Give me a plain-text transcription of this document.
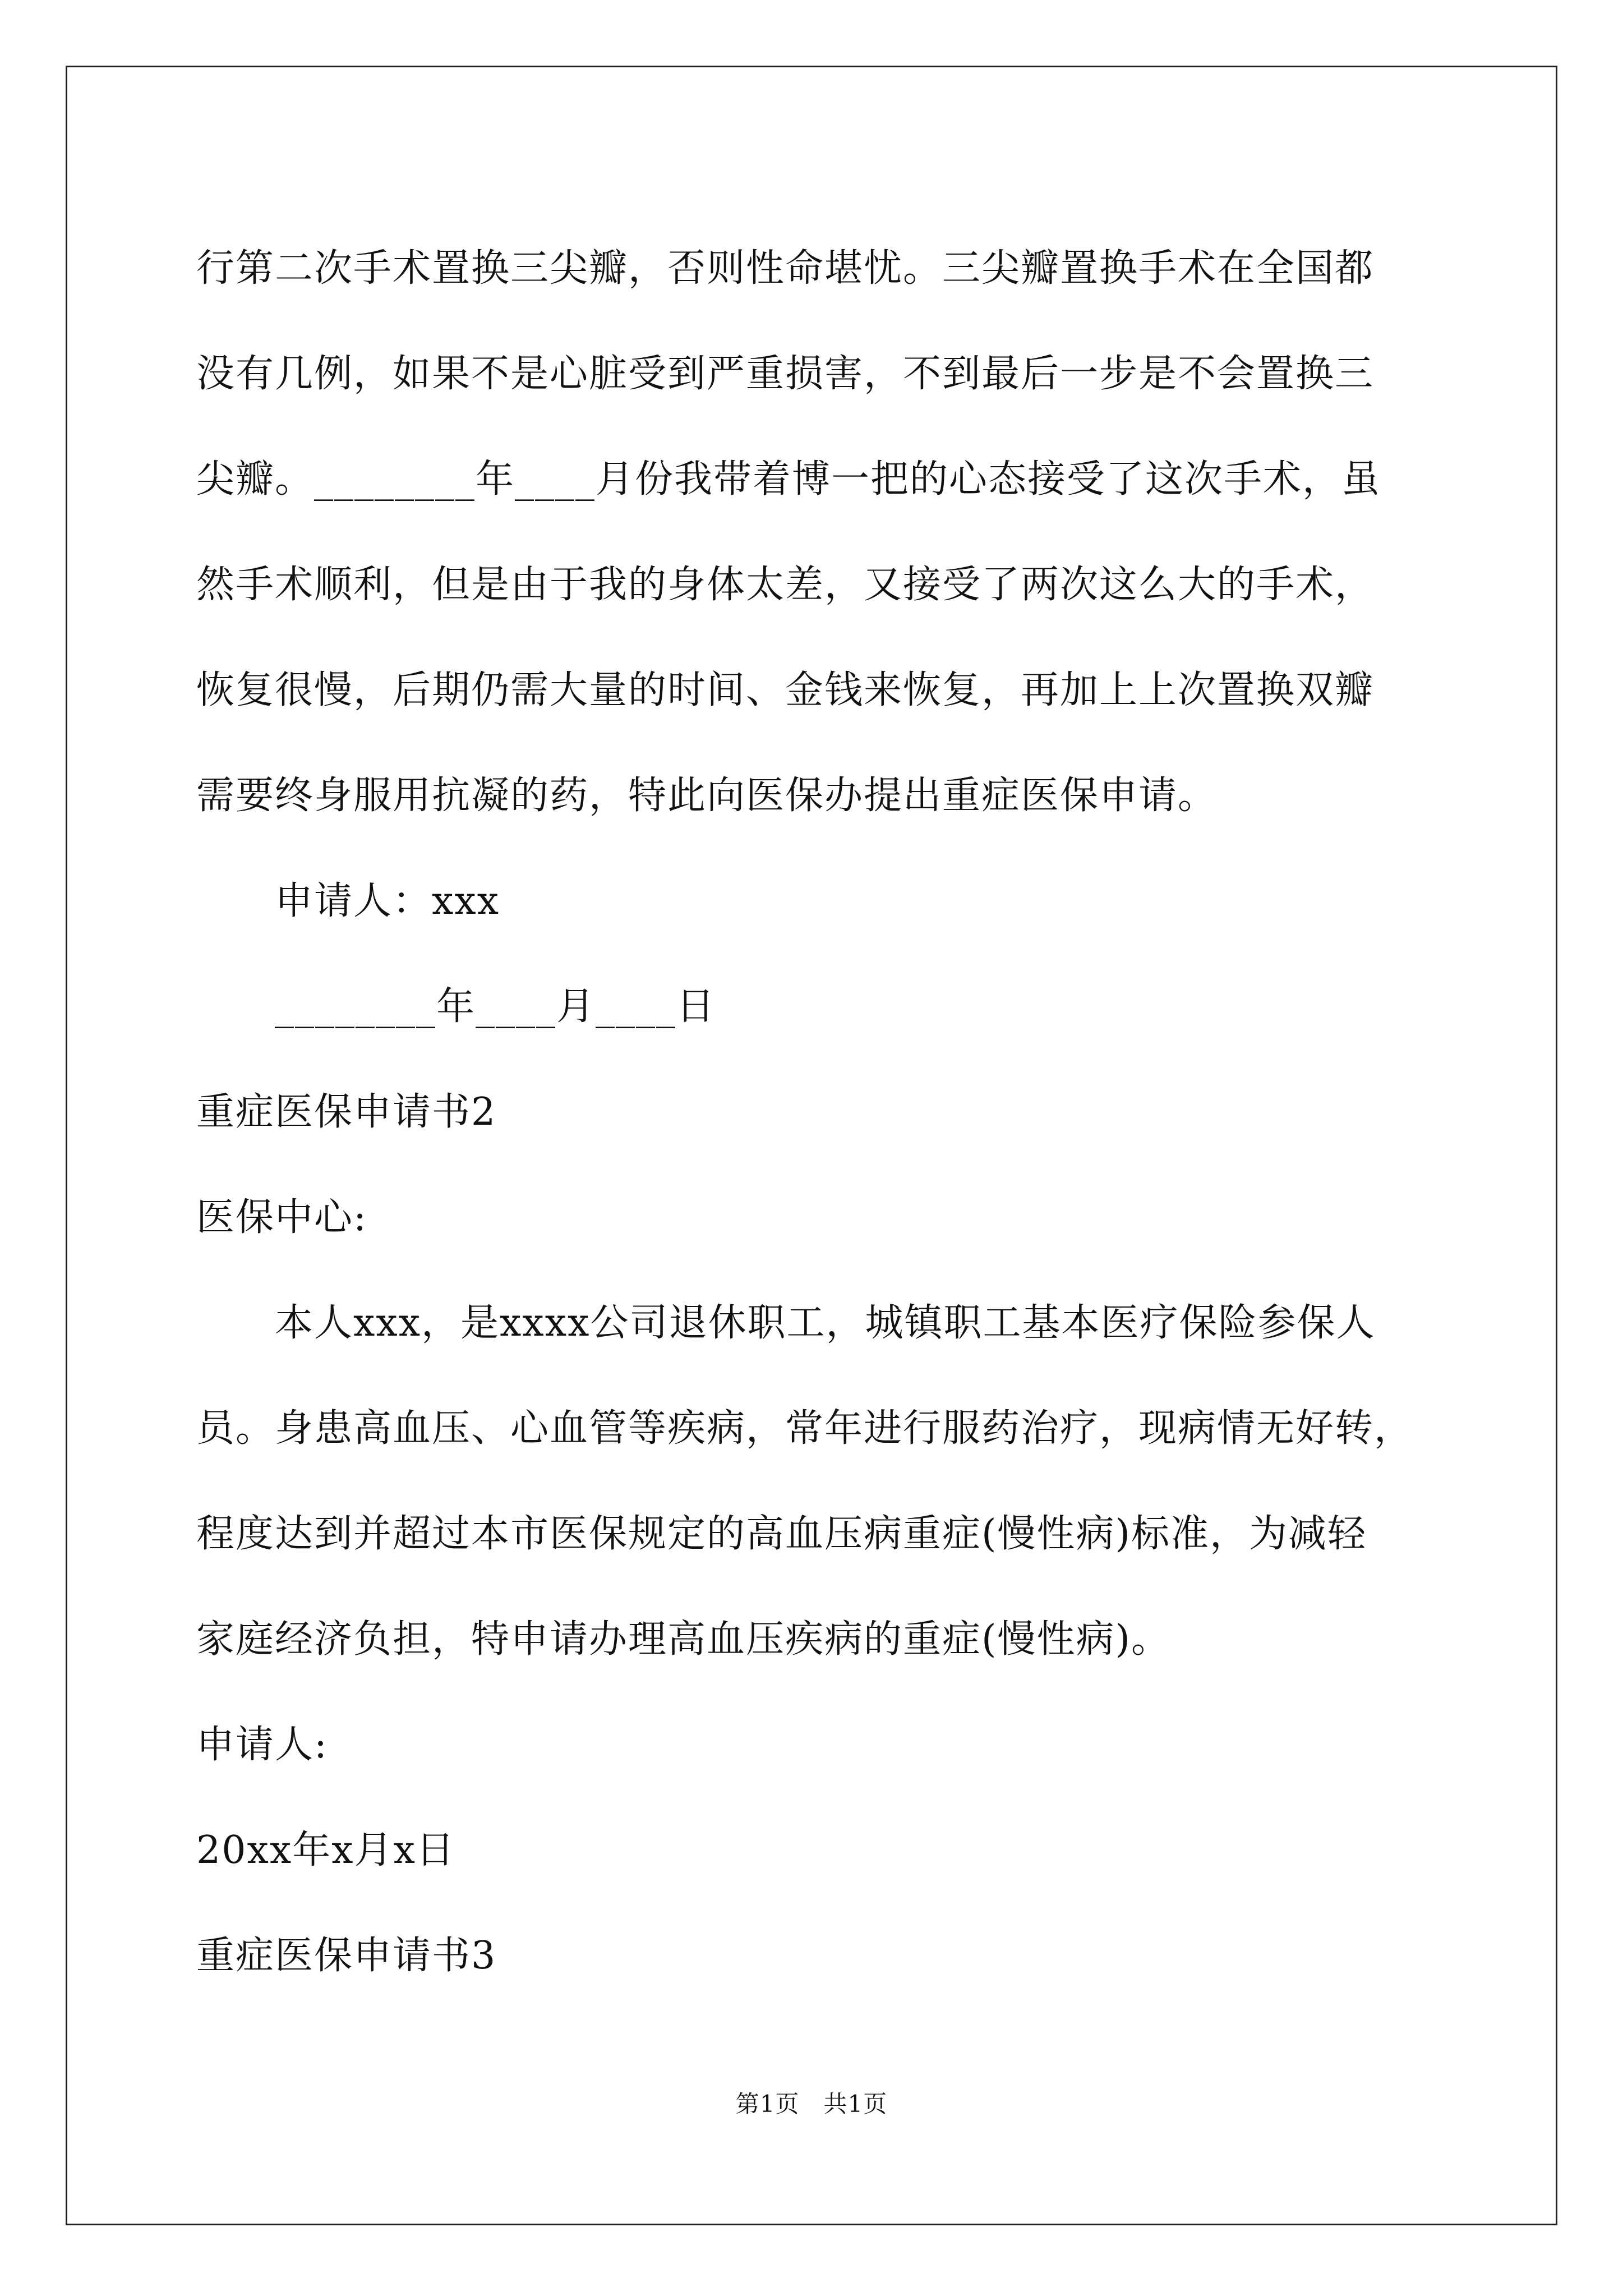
行第二次手术置换三尖瓣，否则性命堪忧。三尖瓣置换手术在全国都

没有几例，如果不是心脏受到严重损害，不到最后一步是不会置换三

尖瓣。________年____月份我带着博一把的心态接受了这次手术，虽

然手术顺利，但是由于我的身体太差，又接受了两次这么大的手术，

恢复很慢，后期仍需大量的时间、金钱来恢复，再加上上次置换双瓣

需要终身服用抗凝的药，特此向医保办提出重症医保申请。

申请人：xxx

________年____月____日

重症医保申请书2

医保中心:

本人xxx，是xxxx公司退休职工，城镇职工基本医疗保险参保人

员。身患高血压、心血管等疾病，常年进行服药治疗，现病情无好转，

程度达到并超过本市医保规定的高血压病重症(慢性病)标准，为减轻

家庭经济负担，特申请办理高血压疾病的重症(慢性病)。

申请人:

20xx年x月x日

重症医保申请书3

第1页　共1页
